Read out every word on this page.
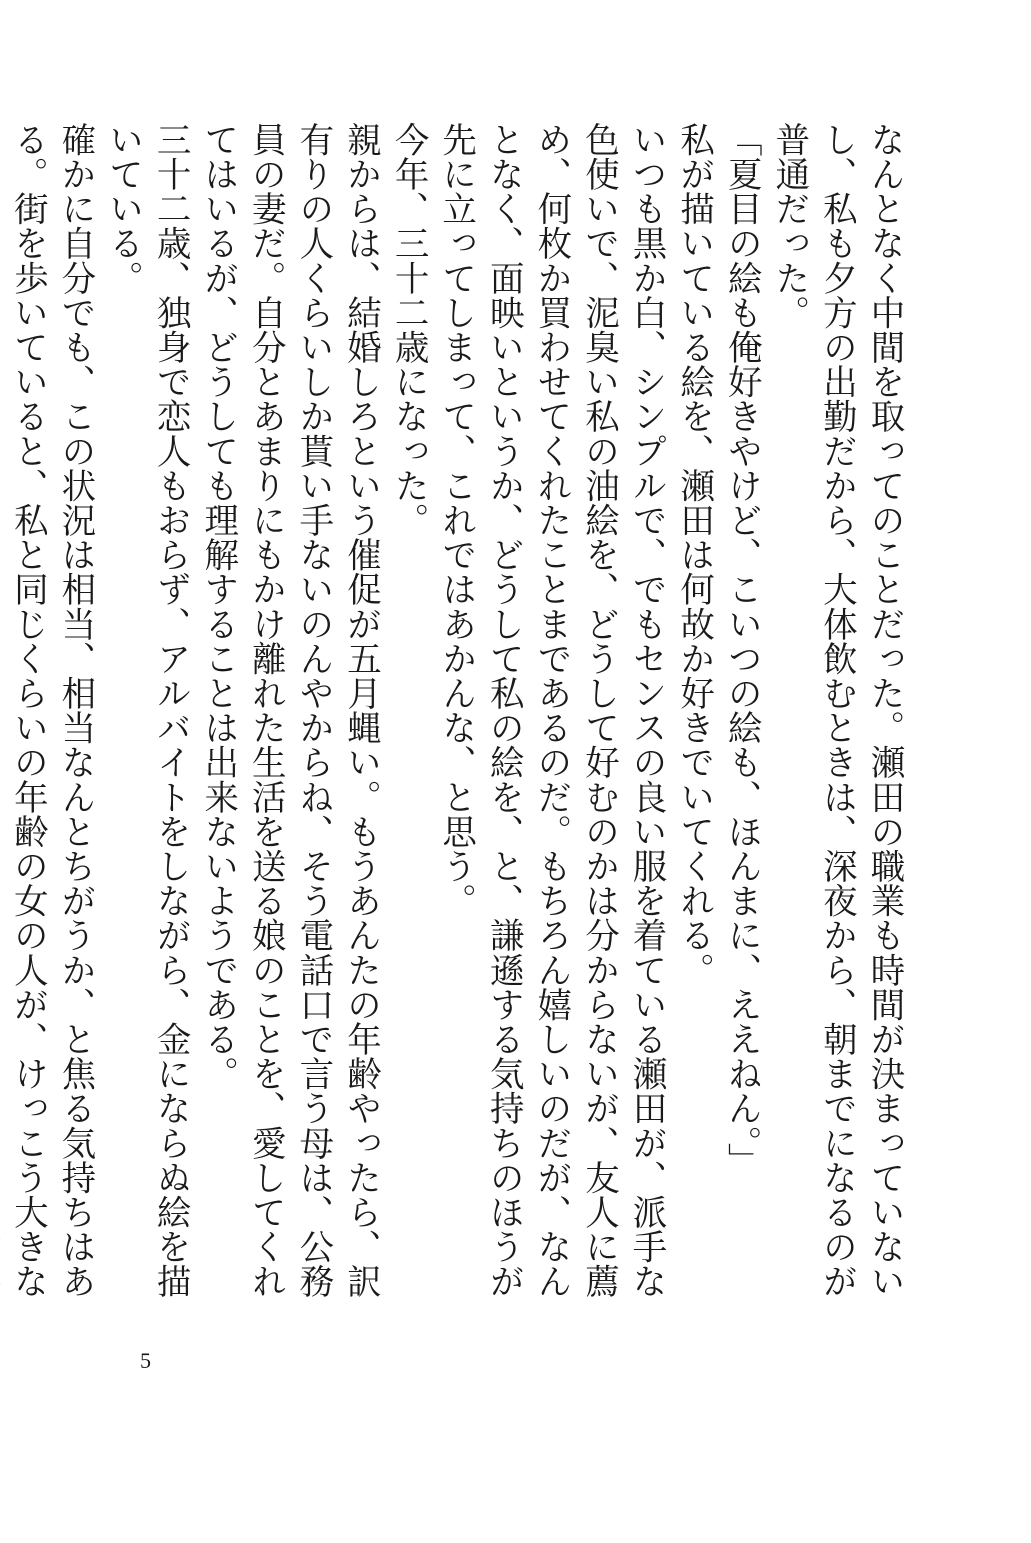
なんとなく中間を取ってのことだった。瀬田の職業も時間が決まっていないし、私も夕方の出勤だから、大体飲むときは、深夜から、朝までになるのが普通だった。
「夏目の絵も俺好きやけど、こいつの絵も、ほんまに、ええねん。」
私が描いている絵を、瀬田は何故か好きでいてくれる。
いつも黒か白、シンプルで、でもセンスの良い服を着ている瀬田が、派手な色使いで、泥臭い私の油絵を、どうして好むのかは分からないが、友人に薦め、何枚か買わせてくれたことまであるのだ。もちろん嬉しいのだが、なんとなく、面映いというか、どうして私の絵を、と、謙遜する気持ちのほうが先に立ってしまって、これではあかんな、と思う。
今年、三十二歳になった。
親からは、結婚しろという催促が五月蝿い。もうあんたの年齢やったら、訳有りの人くらいしか貰い手ないのんやからね、そう電話口で言う母は、公務員の妻だ。自分とあまりにもかけ離れた生活を送る娘のことを、愛してくれてはいるが、どうしても理解することは出来ないようである。
三十二歳、独身で恋人もおらず、アルバイトをしながら、金にならぬ絵を描いている。
確かに自分でも、この状況は相当、相当なんとちがうか、と焦る気持ちはある。街を歩いていると、私と同じくらいの年齢の女の人が、けっこう大きな
5
